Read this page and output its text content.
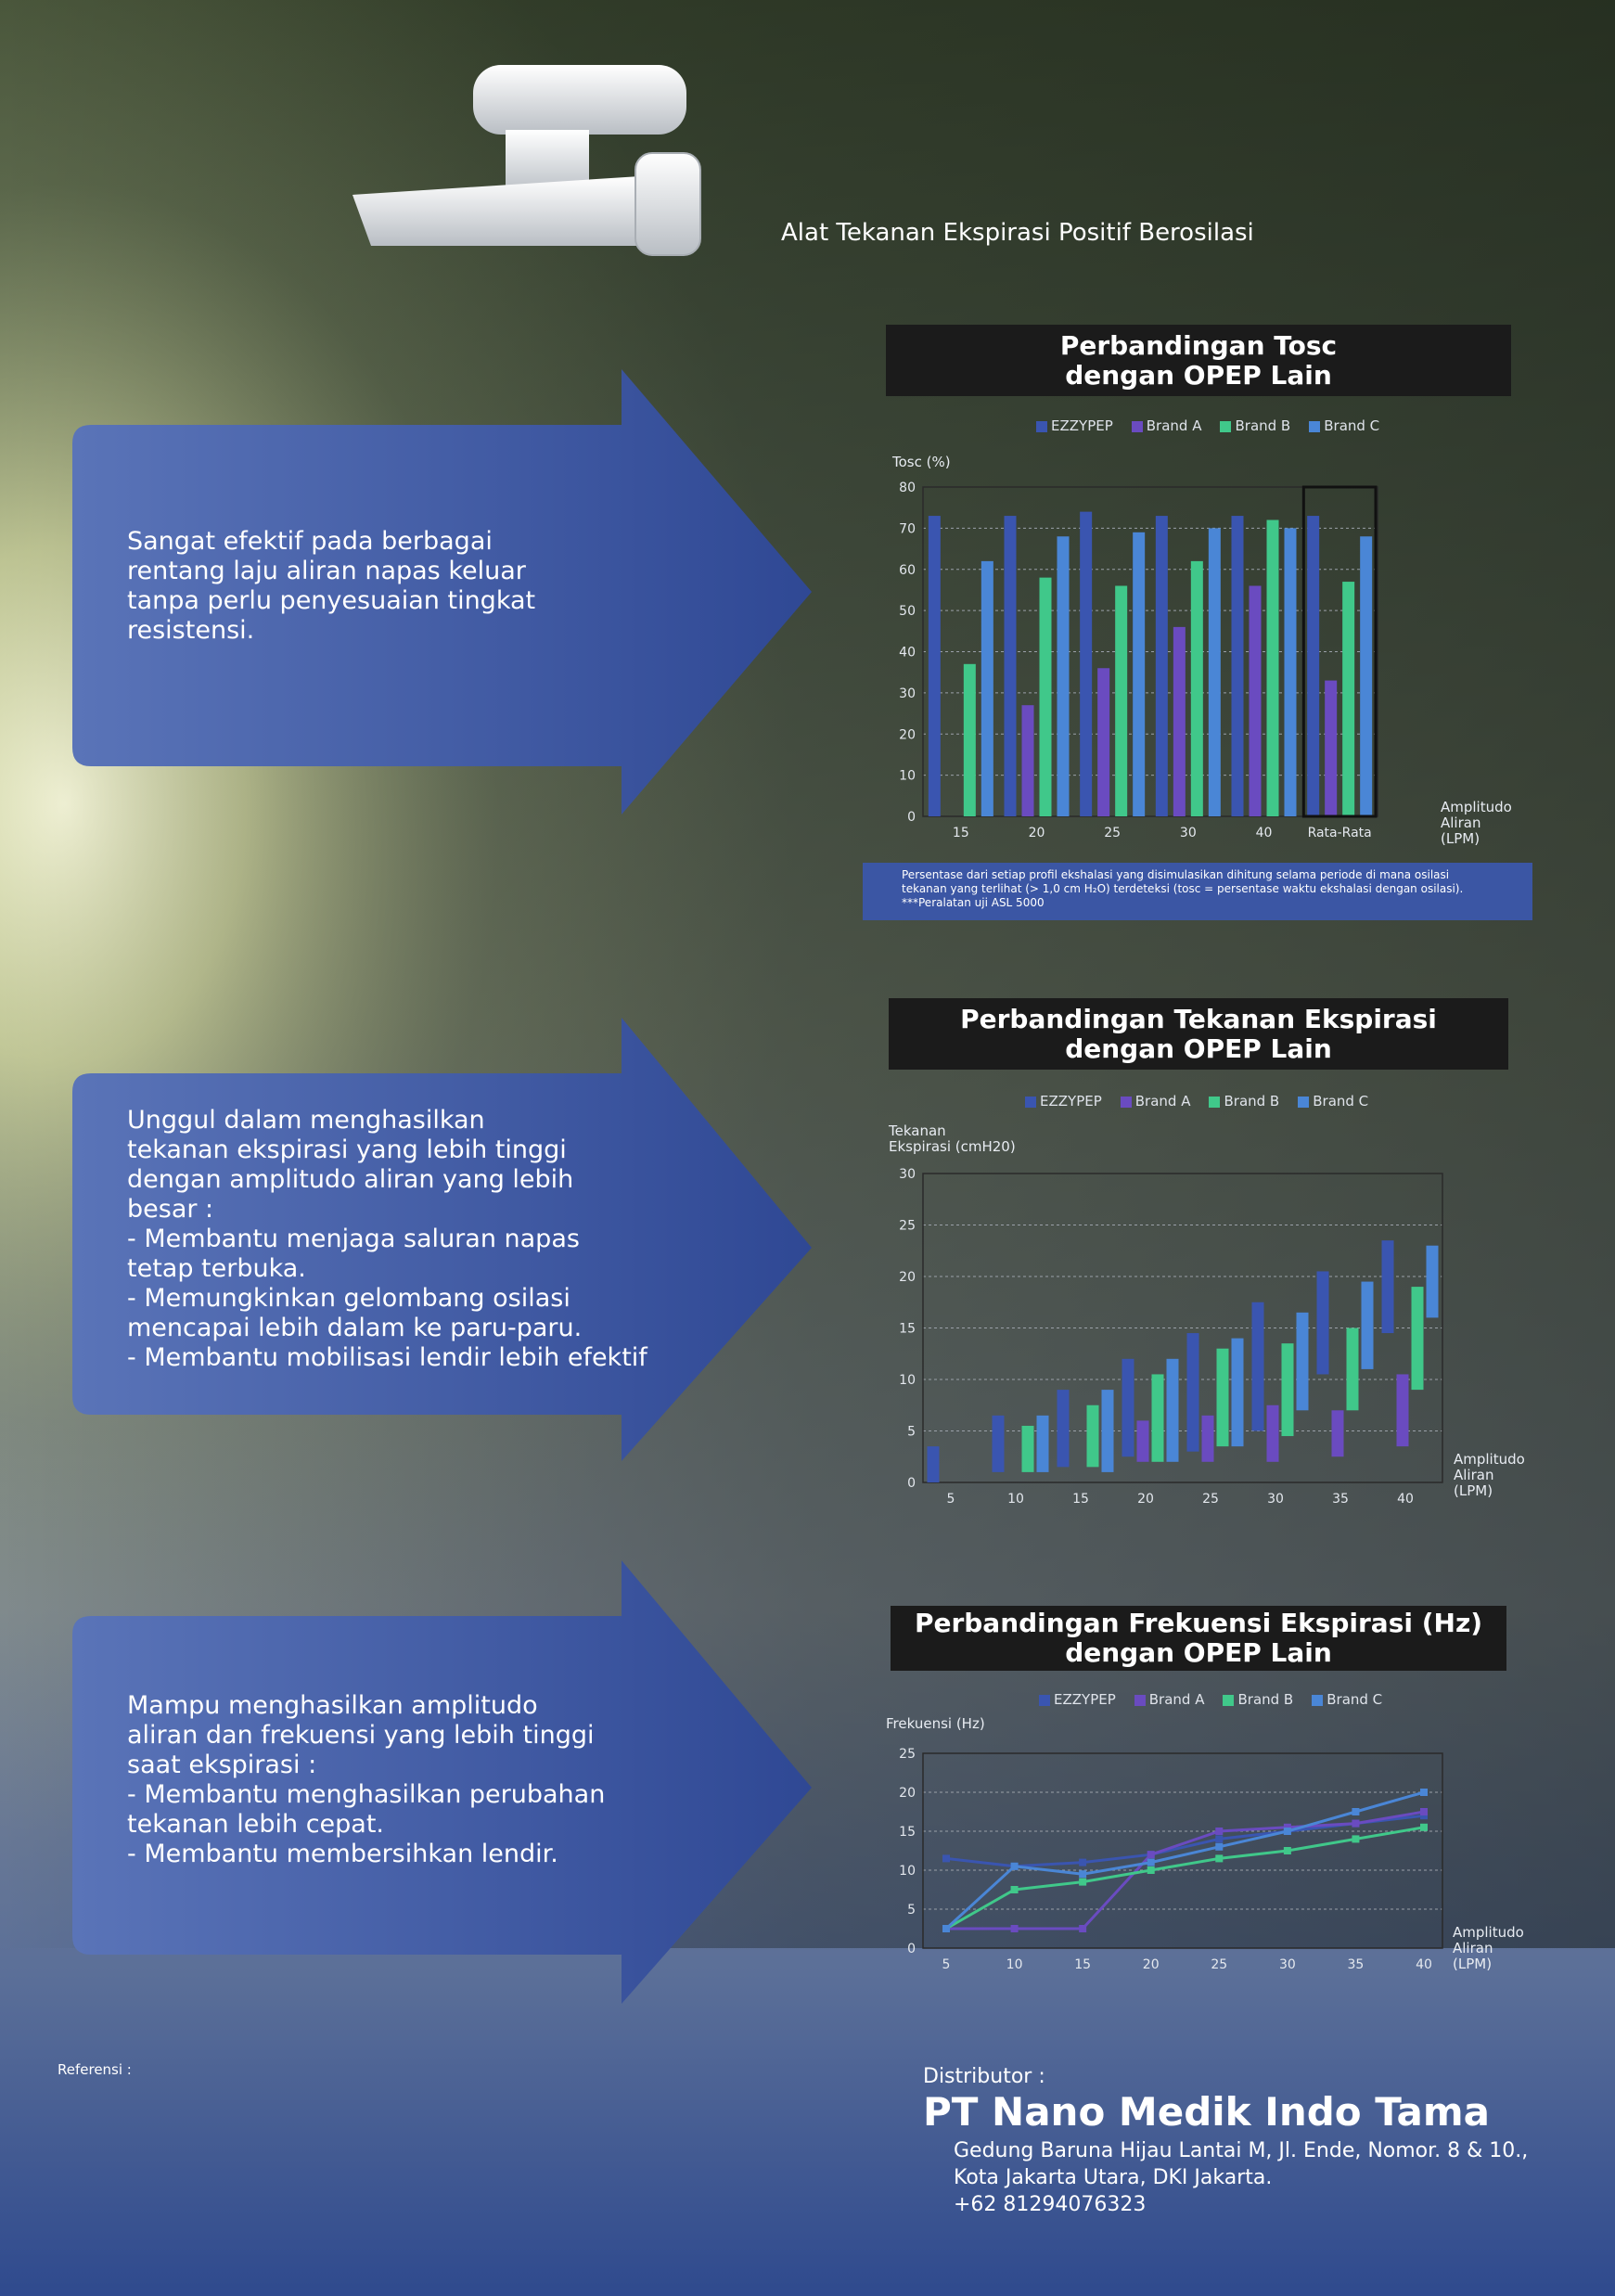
Alat Tekanan Ekspirasi Positif Berosilasi
Sangat efektif pada berbagai
rentang laju aliran napas keluar
tanpa perlu penyesuaian tingkat
resistensi.
Unggul dalam menghasilkan
tekanan ekspirasi yang lebih tinggi
dengan amplitudo aliran yang lebih
besar :
- Membantu menjaga saluran napas
tetap terbuka.
- Memungkinkan gelombang osilasi
mencapai lebih dalam ke paru-paru.
- Membantu mobilisasi lendir lebih efektif
Mampu menghasilkan amplitudo
aliran dan frekuensi yang lebih tinggi
saat ekspirasi :
- Membantu menghasilkan perubahan
tekanan lebih cepat.
- Membantu membersihkan lendir.
Perbandingan Tosc
dengan OPEP Lain
EZZYPEP	Brand A	Brand B	Brand C
Tosc (%)
Amplitudo
Aliran
(LPM)
0
10
20
30
40
50
60
70
80
15	20	25	30	40	Rata-Rata
Persentase dari setiap profil ekshalasi yang disimulasikan dihitung selama periode di mana osilasi
tekanan yang terlihat (> 1,0 cm H₂O) terdeteksi (tosc = persentase waktu ekshalasi dengan osilasi).
***Peralatan uji ASL 5000
Perbandingan Tekanan Ekspirasi
dengan OPEP Lain
EZZYPEP	Brand A	Brand B	Brand C
Tekanan
Ekspirasi (cmH20)
Amplitudo
Aliran
(LPM)
0
5
10
15
20
25
30
5	10	15	20	25	30	35	40
Perbandingan Frekuensi Ekspirasi (Hz)
dengan OPEP Lain
EZZYPEP	Brand A	Brand B	Brand C
Frekuensi (Hz)
Amplitudo
Aliran
(LPM)
0
5
10
15
20
25
5	10	15	20	25	30	35	40
Referensi :	Distributor :
PT Nano Medik Indo Tama
Gedung Baruna Hijau Lantai M, Jl. Ende, Nomor. 8 & 10.,
Kota Jakarta Utara, DKI Jakarta.
+62 81294076323
